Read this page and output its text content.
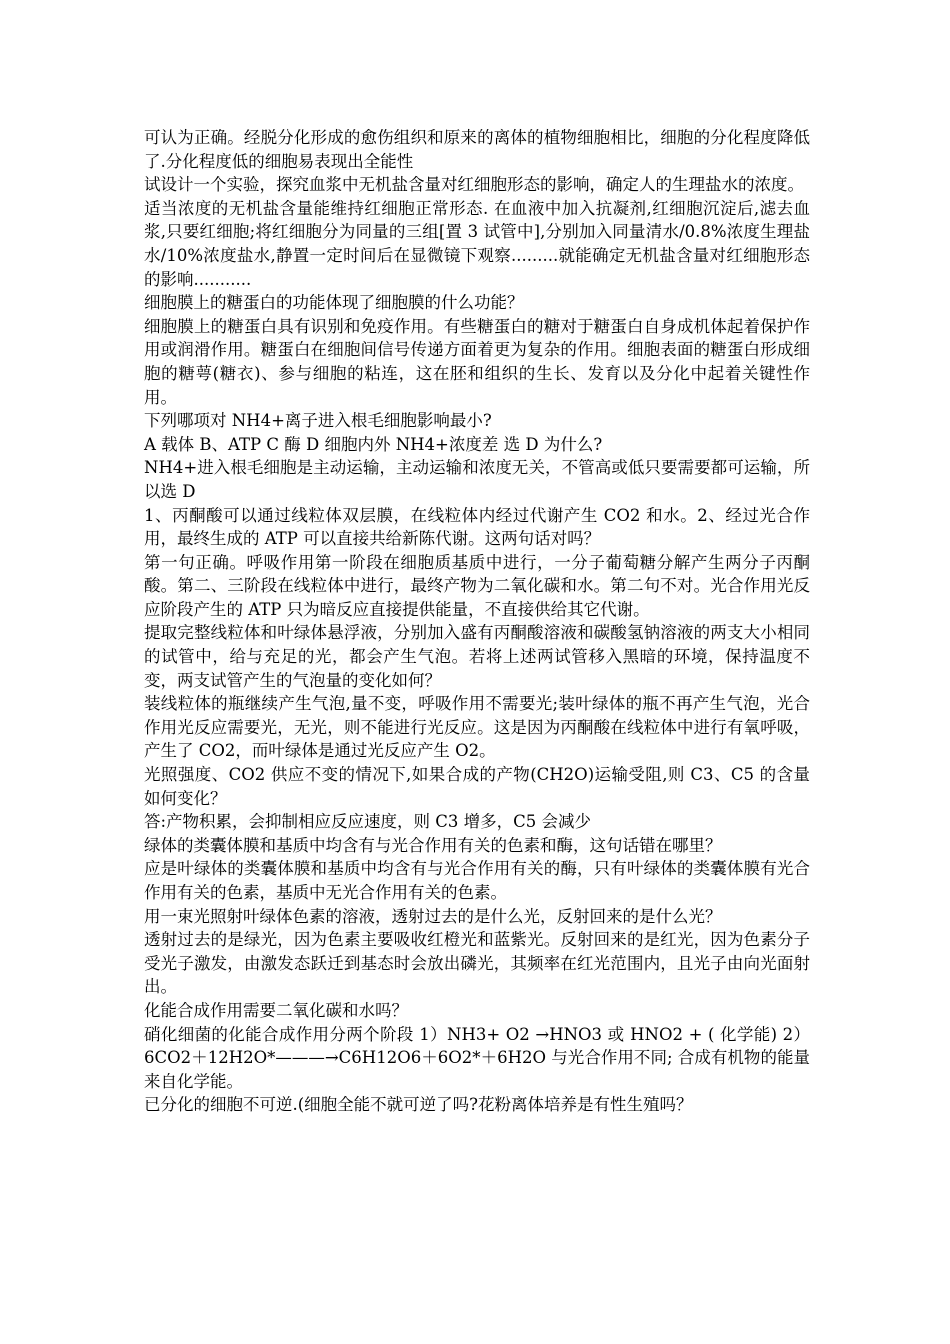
可认为正确。经脱分化形成的愈伤组织和原来的离体的植物细胞相比，细胞的分化程度降低了.分化程度低的细胞易表现出全能性

试设计一个实验，探究血浆中无机盐含量对红细胞形态的影响，确定人的生理盐水的浓度。

适当浓度的无机盐含量能维持红细胞正常形态. 在血液中加入抗凝剂,红细胞沉淀后,滤去血浆,只要红细胞;将红细胞分为同量的三组[置 3 试管中],分别加入同量清水/0.8%浓度生理盐水/10%浓度盐水,静置一定时间后在显微镜下观察.........就能确定无机盐含量对红细胞形态的影响...........

细胞膜上的糖蛋白的功能体现了细胞膜的什么功能？

细胞膜上的糖蛋白具有识别和免疫作用。有些糖蛋白的糖对于糖蛋白自身成机体起着保护作用或润滑作用。糖蛋白在细胞间信号传递方面着更为复杂的作用。细胞表面的糖蛋白形成细胞的糖萼(糖衣)、参与细胞的粘连，这在胚和组织的生长、发育以及分化中起着关键性作用。

下列哪项对 NH4+离子进入根毛细胞影响最小?

A 载体 B、ATP C 酶 D 细胞内外 NH4+浓度差 选 D 为什么?

NH4+进入根毛细胞是主动运输，主动运输和浓度无关，不管高或低只要需要都可运输，所以选 D

1、丙酮酸可以通过线粒体双层膜，在线粒体内经过代谢产生 CO2 和水。2、经过光合作用，最终生成的 ATP 可以直接共给新陈代谢。这两句话对吗？

第一句正确。呼吸作用第一阶段在细胞质基质中进行，一分子葡萄糖分解产生两分子丙酮酸。第二、三阶段在线粒体中进行，最终产物为二氧化碳和水。第二句不对。光合作用光反应阶段产生的 ATP 只为暗反应直接提供能量，不直接供给其它代谢。

提取完整线粒体和叶绿体悬浮液，分别加入盛有丙酮酸溶液和碳酸氢钠溶液的两支大小相同的试管中，给与充足的光，都会产生气泡。若将上述两试管移入黑暗的环境，保持温度不变，两支试管产生的气泡量的变化如何？

装线粒体的瓶继续产生气泡,量不变，呼吸作用不需要光;装叶绿体的瓶不再产生气泡，光合作用光反应需要光，无光，则不能进行光反应。这是因为丙酮酸在线粒体中进行有氧呼吸，产生了 CO2，而叶绿体是通过光反应产生 O2。

光照强度、CO2 供应不变的情况下,如果合成的产物(CH2O)运输受阻,则 C3、C5 的含量如何变化？

答:产物积累，会抑制相应反应速度，则 C3 增多，C5 会减少

绿体的类囊体膜和基质中均含有与光合作用有关的色素和酶，这句话错在哪里？

应是叶绿体的类囊体膜和基质中均含有与光合作用有关的酶，只有叶绿体的类囊体膜有光合作用有关的色素，基质中无光合作用有关的色素。

用一束光照射叶绿体色素的溶液，透射过去的是什么光，反射回来的是什么光？

透射过去的是绿光，因为色素主要吸收红橙光和蓝紫光。反射回来的是红光，因为色素分子受光子激发，由激发态跃迁到基态时会放出磷光，其频率在红光范围内，且光子由向光面射出。

化能合成作用需要二氧化碳和水吗？

硝化细菌的化能合成作用分两个阶段 1）NH3+ O2 →HNO3 或 HNO2 + ( 化学能) 2）6CO2＋12H2O*———→C6H12O6＋6O2*＋6H2O 与光合作用不同; 合成有机物的能量来自化学能。

已分化的细胞不可逆.(细胞全能不就可逆了吗?花粉离体培养是有性生殖吗？
